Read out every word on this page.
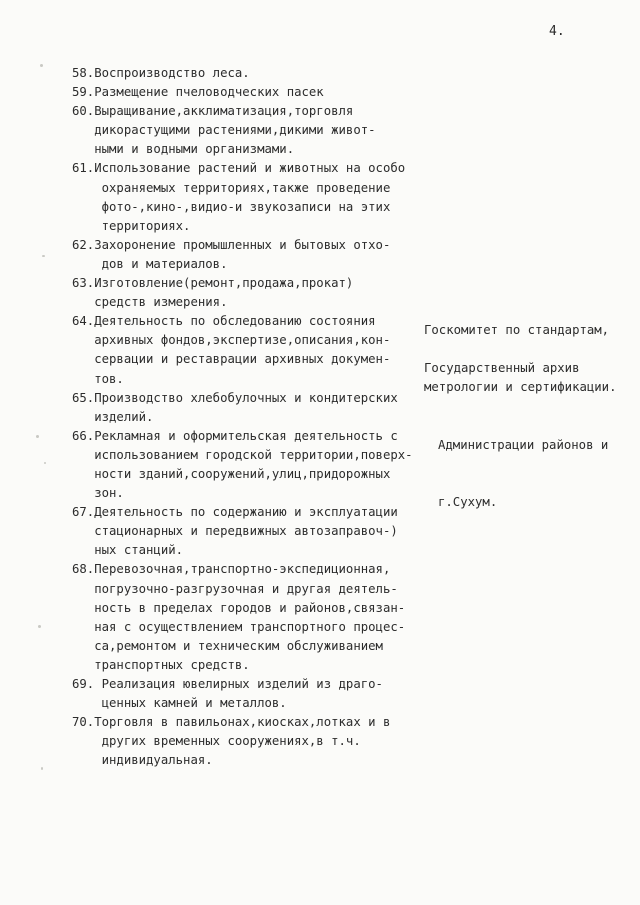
4.
58.Воспроизводство леса.
59.Размещение пчеловодческих пасек
60.Выращивание,акклиматизация,торговля
дикорастущими растениями,дикими живот-
ными и водными организмами.
61.Использование растений и животных на особо
охраняемых территориях,также проведение
фото-,кино-,видио-и звукозаписи на этих
территориях.
62.Захоронение промышленных и бытовых отхо-
дов и материалов.
63.Изготовление(ремонт,продажа,прокат)
средств измерения.
64.Деятельность по обследованию состояния
архивных фондов,экспертизе,описания,кон-
сервации и реставрации архивных докумен-
тов.
65.Производство хлебобулочных и кондитерских
изделий.
66.Рекламная и оформительская деятельность с
использованием городской территории,поверх-
ности зданий,сооружений,улиц,придорожных
зон.
67.Деятельность по содержанию и эксплуатации
стационарных и передвижных автозаправоч-)
ных станций.
68.Перевозочная,транспортно-экспедиционная,
погрузочно-разгрузочная и другая деятель-
ность в пределах городов и районов,связан-
ная с осуществлением транспортного процес-
са,ремонтом и техническим обслуживанием
транспортных средств.
69. Реализация ювелирных изделий из драго-
ценных камней и металлов.
70.Торговля в павильонах,киосках,лотках и в
других временных сооружениях,в т.ч.
индивидуальная.

Госкомитет по стандартам,

метрологии и сертификации.

Государственный архив

Администрации районов и

г.Сухум.
